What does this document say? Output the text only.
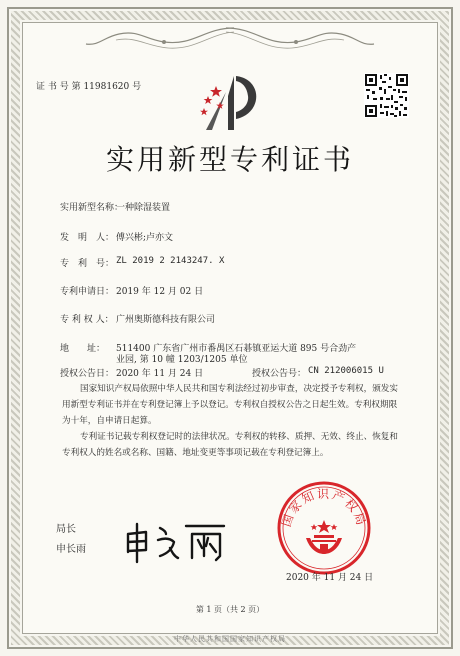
证 书 号 第 11981620 号
实用新型专利证书
实用新型名称：
一种除湿装置
发　明　人： 傅兴彬;卢亦文
专　利　号： ZL 2019 2 2143247. X
专利申请日： 2019 年 12 月 02 日
专 利 权 人： 广州奥斯德科技有限公司
地　　址： 511400 广东省广州市番禺区石碁镇亚运大道 895 号合劲产
业园, 第 10 幢 1203/1205 单位
授权公告日： 2020 年 11 月 24 日	授权公告号： CN 212006015 U
国家知识产权局依照中华人民共和国专利法经过初步审查，决定授予专利权，颁发实用新型专利证书并在专利登记簿上予以登记。专利权自授权公告之日起生效。专利权期限为十年，自申请日起算。
专利证书记载专利权登记时的法律状况。专利权的转移、质押、无效、终止、恢复和专利权人的姓名或名称、国籍、地址变更等事项记载在专利登记簿上。
局长
申长雨
国家知识产权局
2020 年 11 月 24 日
第 1 页（共 2 页）
中华人民共和国国家知识产权局
